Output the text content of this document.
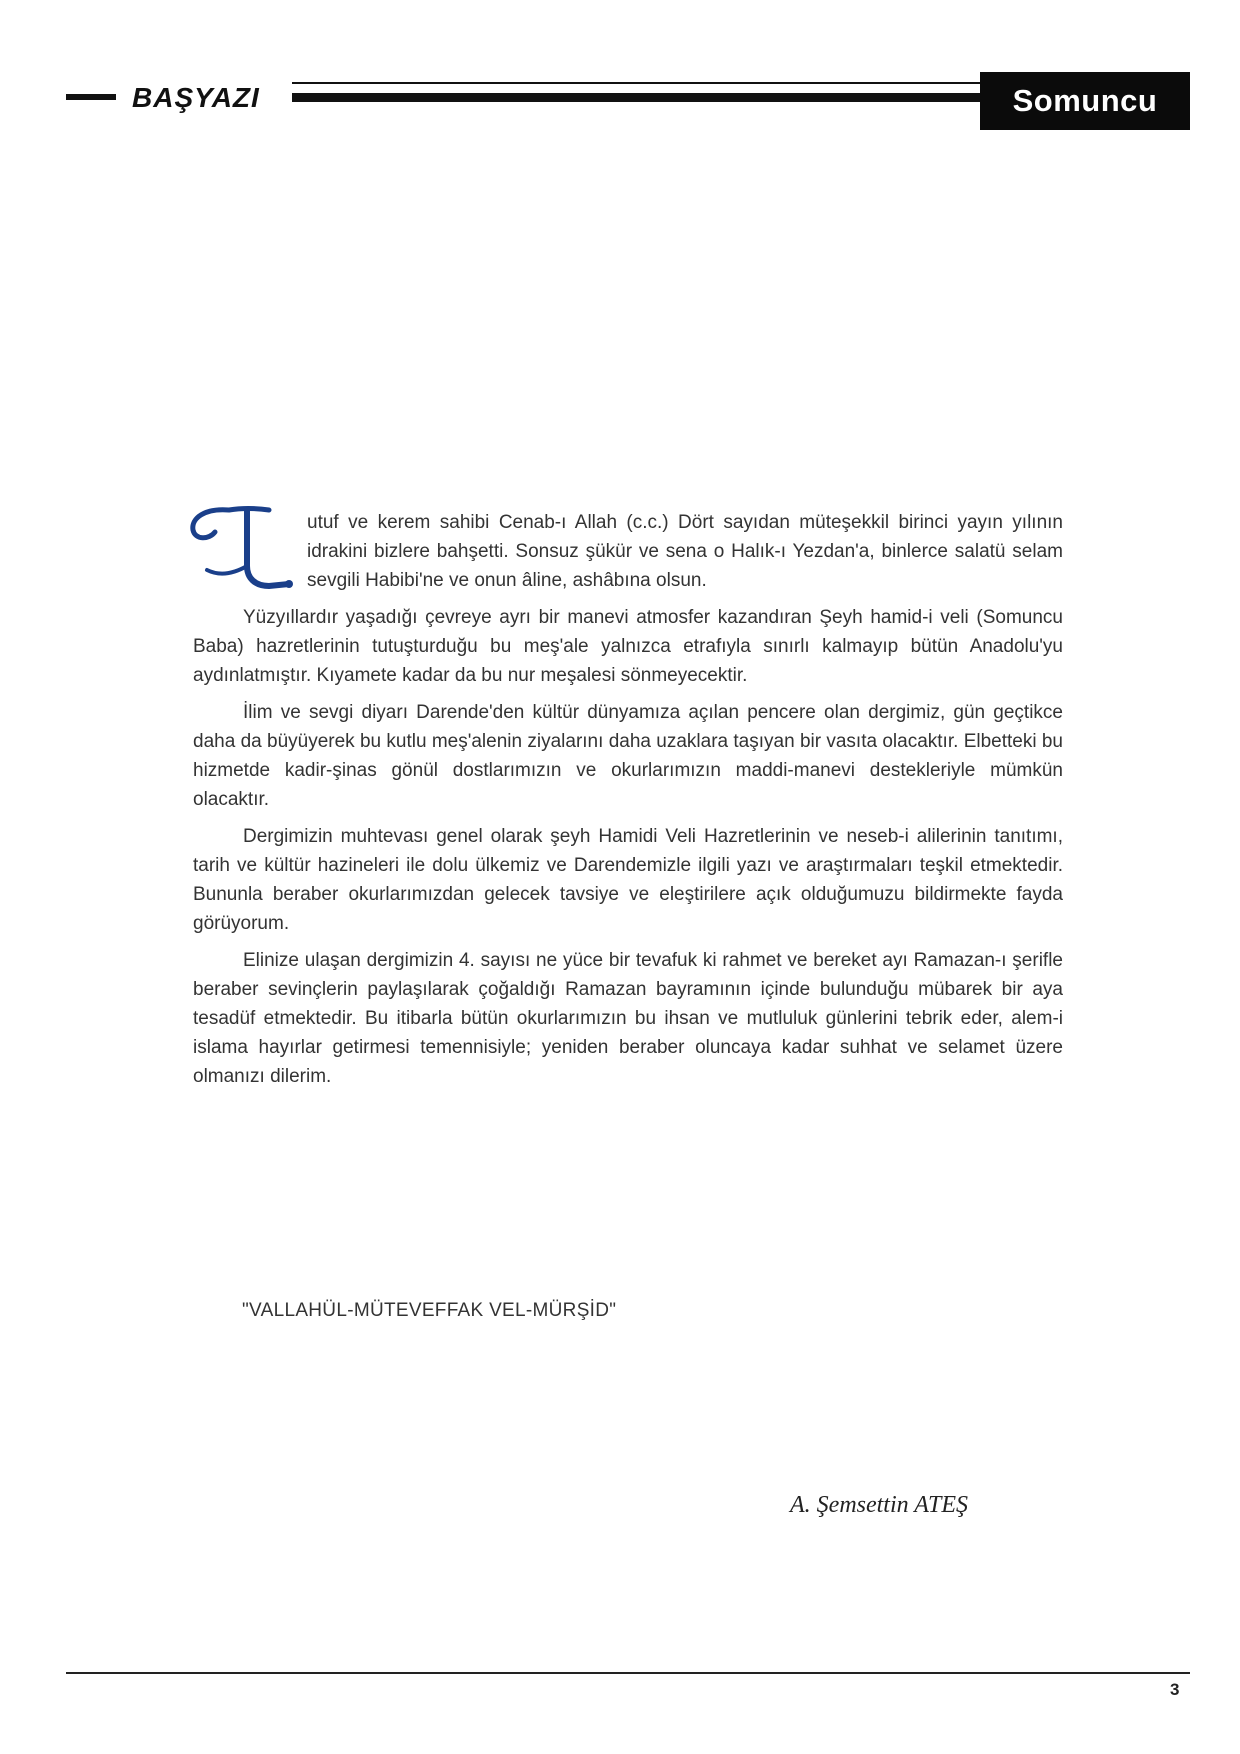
BAŞYAZI	Somuncu Baba

utuf ve kerem sahibi Cenab-ı Allah (c.c.) Dört sayıdan müteşekkil birinci yayın yılının idrakini bizlere bahşetti. Sonsuz şükür ve sena o Halık-ı Yezdan'a, binlerce salatü selam sevgili Habibi'ne ve onun âline, ashâbına olsun.

Yüzyıllardır yaşadığı çevreye ayrı bir manevi atmosfer kazandıran Şeyh hamid-i veli (Somuncu Baba) hazretlerinin tutuşturduğu bu meş'ale yalnızca etrafıyla sınırlı kalmayıp bütün Anadolu'yu aydınlatmıştır. Kıyamete kadar da bu nur meşalesi sönmeyecektir.

İlim ve sevgi diyarı Darende'den kültür dünyamıza açılan pencere olan dergimiz, gün geçtikce daha da büyüyerek bu kutlu meş'alenin ziyalarını daha uzaklara taşıyan bir vasıta olacaktır. Elbetteki bu hizmetde kadir-şinas gönül dostlarımızın ve okurlarımızın maddi-manevi destekleriyle mümkün olacaktır.

Dergimizin muhtevası genel olarak şeyh Hamidi Veli Hazretlerinin ve neseb-i alilerinin tanıtımı, tarih ve kültür hazineleri ile dolu ülkemiz ve Darendemizle ilgili yazı ve araştırmaları teşkil etmektedir. Bununla beraber okurlarımızdan gelecek tavsiye ve eleştirilere açık olduğumuzu bildirmekte fayda görüyorum.

Elinize ulaşan dergimizin 4. sayısı ne yüce bir tevafuk ki rahmet ve bereket ayı Ramazan-ı şerifle beraber sevinçlerin paylaşılarak çoğaldığı Ramazan bayramının içinde bulunduğu mübarek bir aya tesadüf etmektedir. Bu itibarla bütün okurlarımızın bu ihsan ve mutluluk günlerini tebrik eder, alem-i islama hayırlar getirmesi temennisiyle; yeniden beraber oluncaya kadar suhhat ve selamet üzere olmanızı dilerim.

"VALLAHÜL-MÜTEVEFFAK VEL-MÜRŞİD"
A. Şemsettin ATEŞ
3
